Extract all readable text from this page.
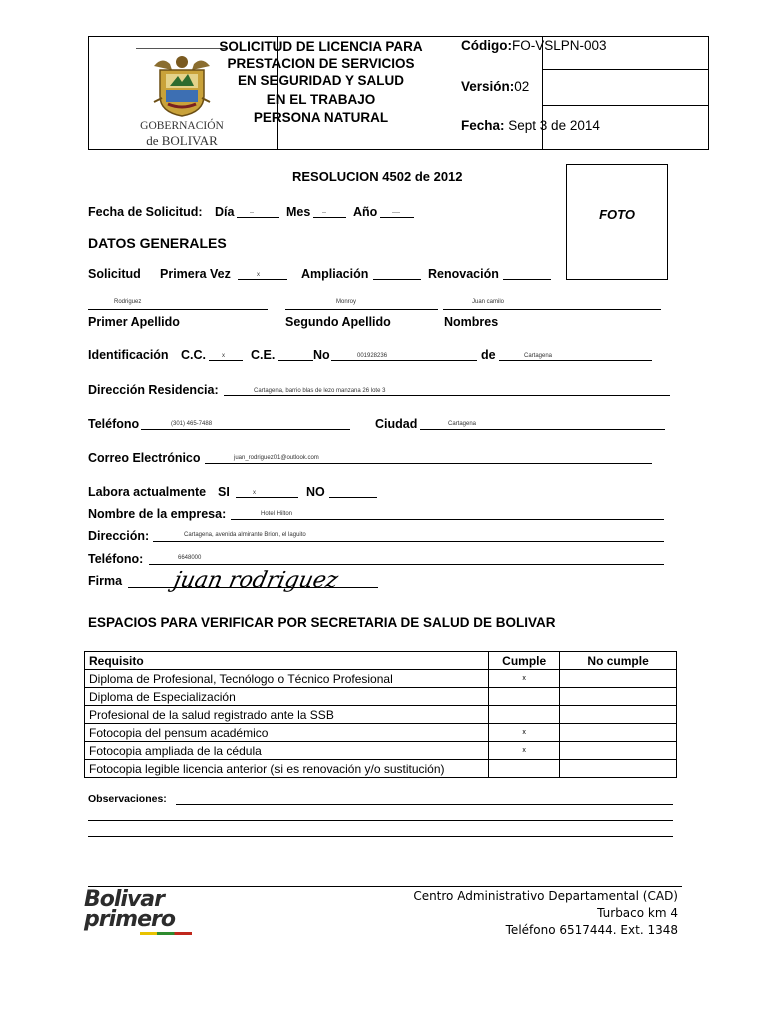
GOBERNACIÓN
de BOLIVAR
SOLICITUD DE LICENCIA PARA
PRESTACION DE SERVICIOS
EN SEGURIDAD Y SALUD
EN EL TRABAJO
PERSONA NATURAL
Código:FO-VSLPN-003
Versión:02
Fecha: Sept 3 de 2014
RESOLUCION 4502 de 2012
FOTO
Fecha de Solicitud: Día	--	Mes -- Año ----
DATOS GENERALES
Solicitud Primera Vez	x	Ampliación	Renovación
Rodriguez	Monroy	Juan camilo
Primer Apellido	Segundo Apellido	Nombres
Identificación C.C.	x C.E.	No	001928236	de	Cartagena
Dirección Residencia:	Cartagena, barrio blas de lezo manzana 26 lote 3
Teléfono	(301) 465-7488	Ciudad	Cartagena
Correo Electrónico	juan_rodriguez01@outlook.com
Labora actualmente SI	x	NO
Nombre de la empresa:	Hotel Hilton
Dirección:	Cartagena, avenida almirante Brion, el laguito
Teléfono:	6648000
Firma juan rodriguez
ESPACIOS PARA VERIFICAR POR SECRETARIA DE SALUD DE BOLIVAR
Requisito	Cumple	No cumple
Diploma de Profesional, Tecnólogo o Técnico Profesional	x	
Diploma de Especialización		
Profesional de la salud registrado ante la SSB		
Fotocopia del pensum académico	x	
Fotocopia ampliada de la cédula	x	
Fotocopia legible licencia anterior (si es renovación y/o sustitución)		
Observaciones:
Bolivar
primero
Centro Administrativo Departamental (CAD)
Turbaco km 4
Teléfono 6517444. Ext. 1348
